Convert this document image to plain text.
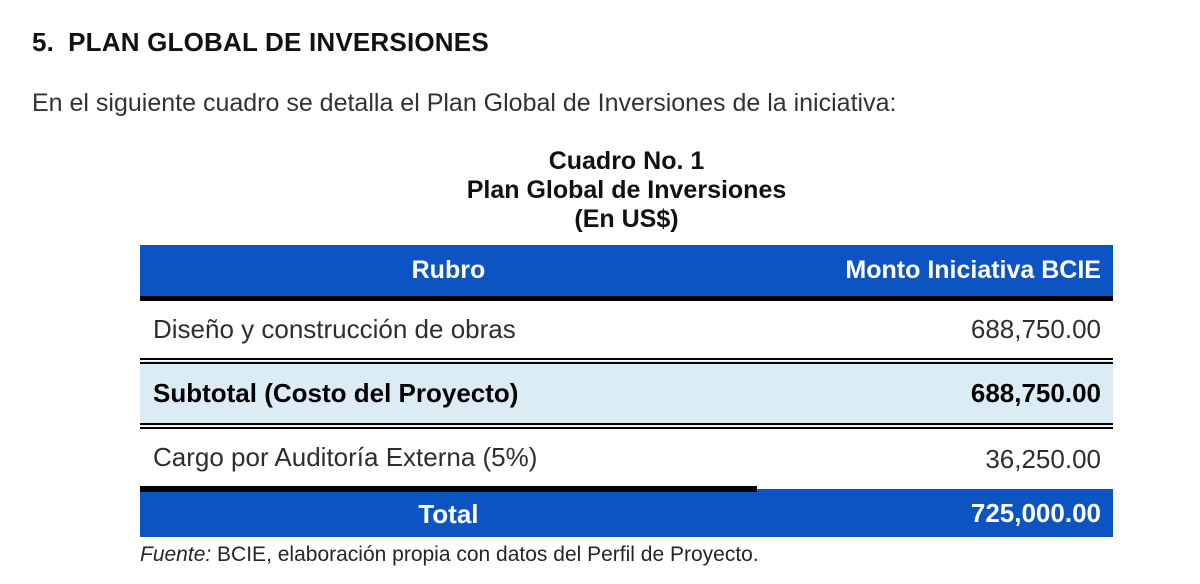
5. PLAN GLOBAL DE INVERSIONES

En el siguiente cuadro se detalla el Plan Global de Inversiones de la iniciativa:

Cuadro No. 1
Plan Global de Inversiones
(En US$)
Rubro	Monto Iniciativa BCIE
Diseño y construcción de obras	688,750.00
Subtotal (Costo del Proyecto)	688,750.00
Cargo por Auditoría Externa (5%)	36,250.00
Total	725,000.00
Fuente: BCIE, elaboración propia con datos del Perfil de Proyecto.
